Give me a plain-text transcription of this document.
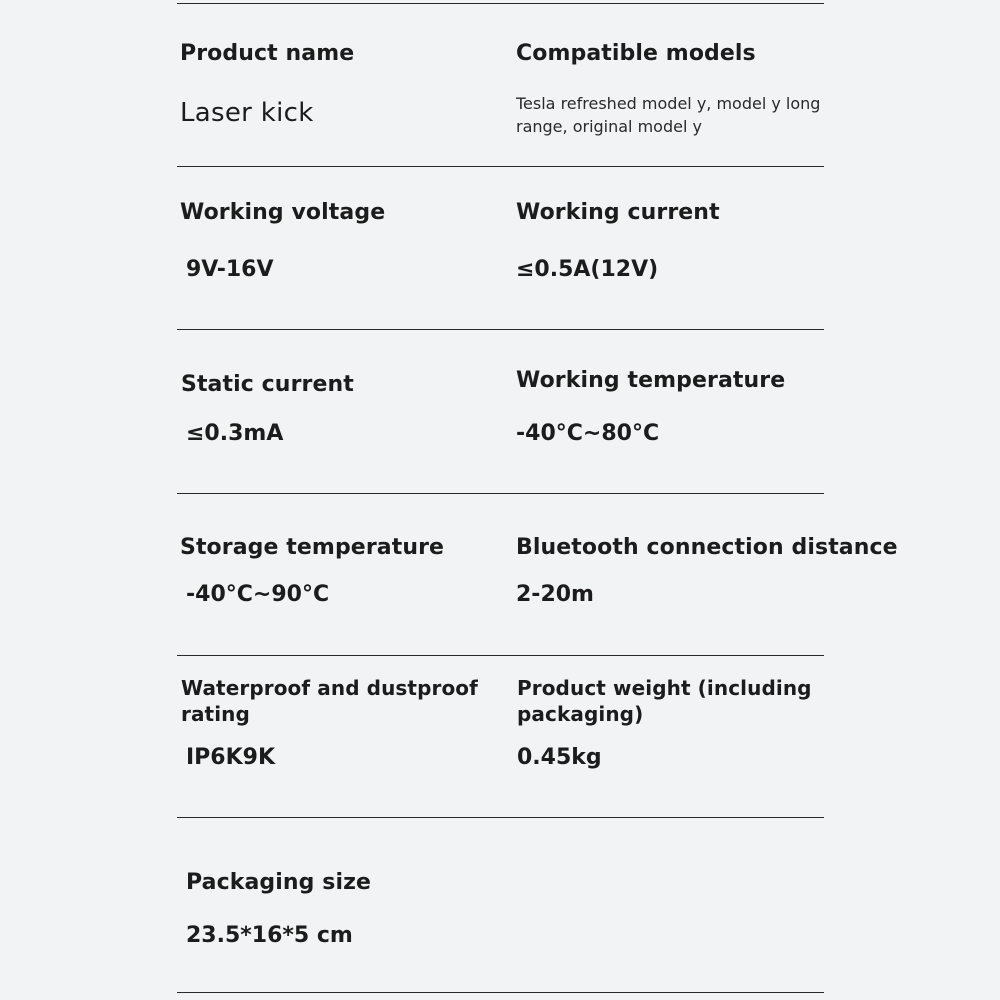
Product name
Laser kick
Compatible models
Tesla refreshed model y, model y long range, original model y
Working voltage
9V-16V
Working current
≤0.5A(12V)
Static current
≤0.3mA
Working temperature
-40°C~80°C
Storage temperature
-40°C~90°C
Bluetooth connection distance
2-20m
Waterproof and dustproof rating
IP6K9K
Product weight (including packaging)
0.45kg
Packaging size
23.5*16*5 cm
